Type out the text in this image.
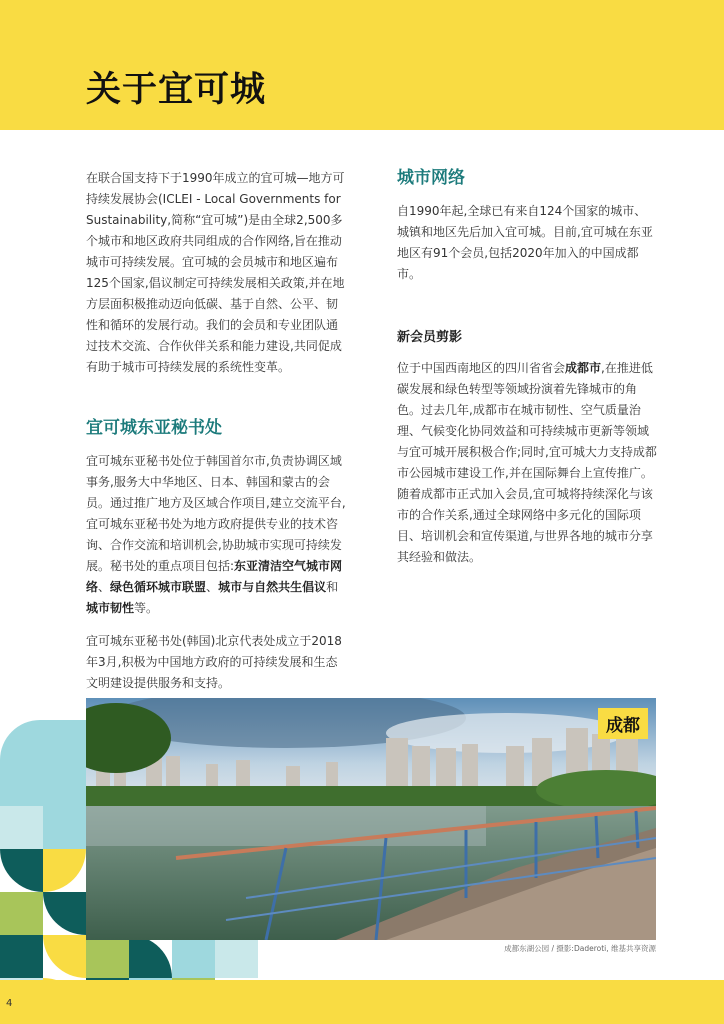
关于宜可城

在联合国支持下于1990年成立的宜可城—地方可持续发展协会(ICLEI - Local Governments for Sustainability,简称“宜可城”)是由全球2,500多个城市和地区政府共同组成的合作网络,旨在推动城市可持续发展。宜可城的会员城市和地区遍布125个国家,倡议制定可持续发展相关政策,并在地方层面积极推动迈向低碳、基于自然、公平、韧性和循环的发展行动。我们的会员和专业团队通过技术交流、合作伙伴关系和能力建设,共同促成有助于城市可持续发展的系统性变革。

宜可城东亚秘书处

宜可城东亚秘书处位于韩国首尔市,负责协调区域事务,服务大中华地区、日本、韩国和蒙古的会员。通过推广地方及区域合作项目,建立交流平台,宜可城东亚秘书处为地方政府提供专业的技术咨询、合作交流和培训机会,协助城市实现可持续发展。秘书处的重点项目包括:东亚清洁空气城市网络、绿色循环城市联盟、城市与自然共生倡议和城市韧性等。

宜可城东亚秘书处(韩国)北京代表处成立于2018年3月,积极为中国地方政府的可持续发展和生态文明建设提供服务和支持。

城市网络

自1990年起,全球已有来自124个国家的城市、城镇和地区先后加入宜可城。目前,宜可城在东亚地区有91个会员,包括2020年加入的中国成都市。

新会员剪影

位于中国西南地区的四川省省会成都市,在推进低碳发展和绿色转型等领域扮演着先锋城市的角色。过去几年,成都市在城市韧性、空气质量治理、气候变化协同效益和可持续城市更新等领域与宜可城开展积极合作;同时,宜可城大力支持成都市公园城市建设工作,并在国际舞台上宣传推广。随着成都市正式加入会员,宜可城将持续深化与该市的合作关系,通过全球网络中多元化的国际项目、培训机会和宣传渠道,与世界各地的城市分享其经验和做法。

成都
成都东湖公园 / 摄影:Daderoti, 维基共享资源
4
